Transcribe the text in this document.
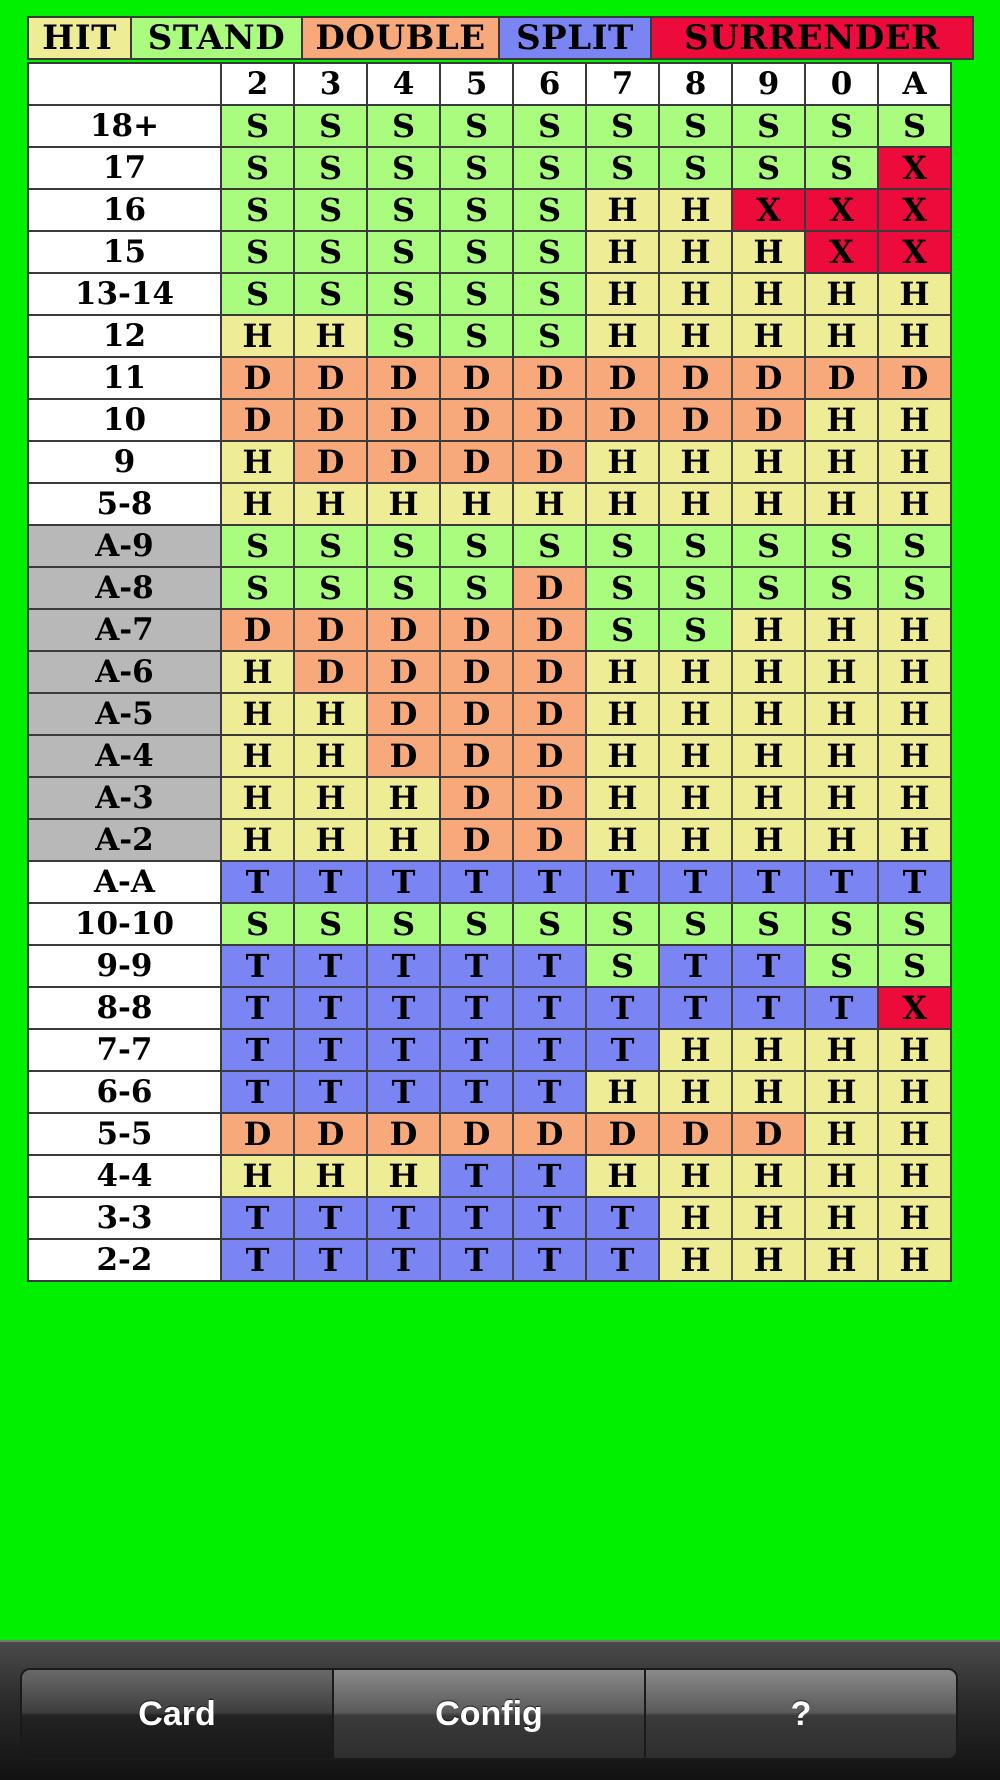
HIT STAND DOUBLE SPLIT	SURRENDER
	2	3	4	5	6	7	8	9	0	A
18+	S	S	S	S	S	S	S	S	S	S
17	S	S	S	S	S	S	S	S	S	X
16	S	S	S	S	S	H	H	X	X	X
15	S	S	S	S	S	H	H	H	X	X
13-14	S	S	S	S	S	H	H	H	H	H
12	H	H	S	S	S	H	H	H	H	H
11	D	D	D	D	D	D	D	D	D	D
10	D	D	D	D	D	D	D	D	H	H
9	H	D	D	D	D	H	H	H	H	H
5-8	H	H	H	H	H	H	H	H	H	H
A-9	S	S	S	S	S	S	S	S	S	S
A-8	S	S	S	S	D	S	S	S	S	S
A-7	D	D	D	D	D	S	S	H	H	H
A-6	H	D	D	D	D	H	H	H	H	H
A-5	H	H	D	D	D	H	H	H	H	H
A-4	H	H	D	D	D	H	H	H	H	H
A-3	H	H	H	D	D	H	H	H	H	H
A-2	H	H	H	D	D	H	H	H	H	H
A-A	T	T	T	T	T	T	T	T	T	T
10-10	S	S	S	S	S	S	S	S	S	S
9-9	T	T	T	T	T	S	T	T	S	S
8-8	T	T	T	T	T	T	T	T	T	X
7-7	T	T	T	T	T	T	H	H	H	H
6-6	T	T	T	T	T	H	H	H	H	H
5-5	D	D	D	D	D	D	D	D	H	H
4-4	H	H	H	T	T	H	H	H	H	H
3-3	T	T	T	T	T	T	H	H	H	H
2-2	T	T	T	T	T	T	H	H	H	H
Card	Config	?
